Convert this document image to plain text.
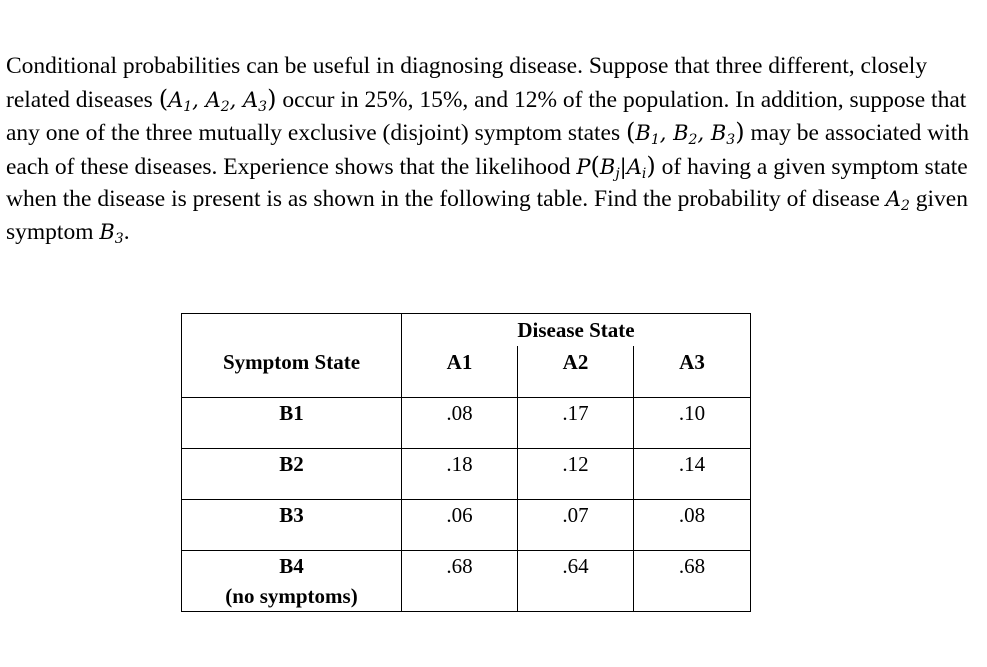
Conditional probabilities can be useful in diagnosing disease. Suppose that three different, closely related diseases ($A_1$, $A_2$, $A_3$) occur in 25%, 15%, and 12% of the population. In addition, suppose that any one of the three mutually exclusive (disjoint) symptom states ($B_1$, $B_2$, $B_3$) may be associated with each of these diseases. Experience shows that the likelihood $P(B_j|A_i)$ of having a given symptom state when the disease is present is as shown in the following table. Find the probability of disease $A_2$ given symptom $B_3$.

	Disease State		
Symptom State	A1	A2	A3

B1	.08	.17	.10

B2	.18	.12	.14

B3	.06	.07	.08

B4
(no symptoms)	.68	.64	.68
